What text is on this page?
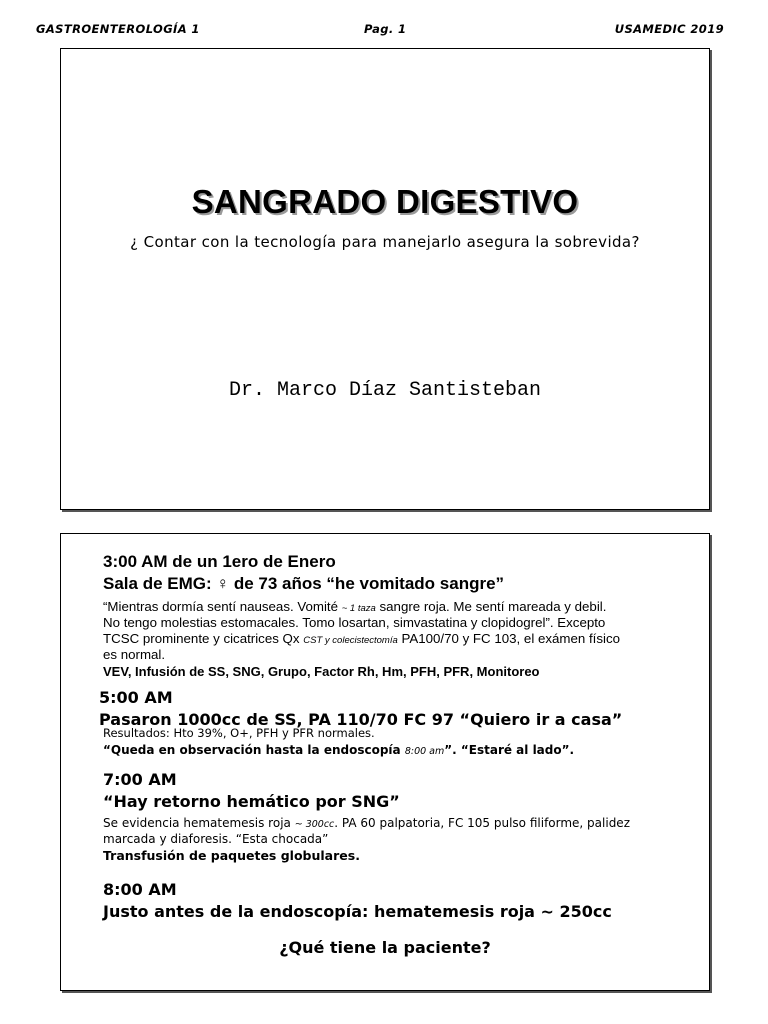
GASTROENTEROLOGÍA 1	Pag. 1	USAMEDIC 2019
SANGRADO DIGESTIVO
¿ Contar con la tecnología para manejarlo asegura la sobrevida?
Dr. Marco Díaz Santisteban
3:00 AM de un 1ero de Enero
Sala de EMG: ♀ de 73 años “he vomitado sangre”
“Mientras dormía sentí nauseas. Vomité ~ 1 taza sangre roja. Me sentí mareada y debil.
No tengo molestias estomacales. Tomo losartan, simvastatina y clopidogrel”. Excepto
TCSC prominente y cicatrices Qx CST y colecistectomía PA100/70 y FC 103, el exámen físico
es normal.
VEV, Infusión de SS, SNG, Grupo, Factor Rh, Hm, PFH, PFR, Monitoreo
5:00 AM
Pasaron 1000cc de SS, PA 110/70 FC 97 “Quiero ir a casa”
Resultados: Hto 39%, O+, PFH y PFR normales.
“Queda en observación hasta la endoscopía 8:00 am”. “Estaré al lado”.
7:00 AM
“Hay retorno hemático por SNG”
Se evidencia hematemesis roja ~ 300cc. PA 60 palpatoria, FC 105 pulso filiforme, palidez
marcada y diaforesis. “Esta chocada”
Transfusión de paquetes globulares.
8:00 AM
Justo antes de la endoscopía: hematemesis roja ~ 250cc
¿Qué tiene la paciente?
